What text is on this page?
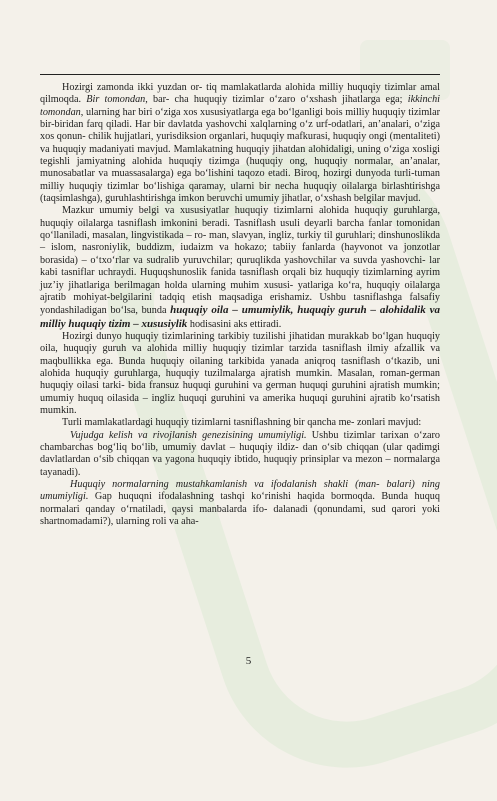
Hozirgi zamonda ikki yuzdan or- tiq mamlakatlarda alohida milliy huquqiy tizimlar amal qilmoqda. Bir tomondan, bar- cha huquqiy tizimlar o‘zaro o‘xshash jihatlarga ega; ikkinchi tomondan, ularning har biri o‘ziga xos xususiyatlarga ega bo‘lganligi bois milliy huquqiy tizimlar bir-biridan farq qiladi. Har bir davlatda yashovchi xalqlarning o‘z urf-odatlari, an’analari, o‘ziga xos qonun- chilik hujjatlari, yurisdiksion organlari, huquqiy mafkurasi, huquqiy ongi (mentaliteti) va huquqiy madaniyati mavjud. Mamlakatning huquqiy jihatdan alohidaligi, uning o‘ziga xosligi tegishli jamiyatning alohida huquqiy tizimga (huquqiy ong, huquqiy normalar, an’analar, munosabatlar va muassasalarga) ega bo‘lishini taqozo etadi. Biroq, hozirgi dunyoda turli-tuman milliy huquqiy tizimlar bo‘lishiga qaramay, ularni bir necha huquqiy oilalarga birlashtirishga (taqsimlashga), guruhlashtirishga imkon beruvchi umumiy jihatlar, o‘xshash belgilar mavjud.

Mazkur umumiy belgi va xususiyatlar huquqiy tizimlarni alohida huquqiy guruhlarga, huquqiy oilalarga tasniflash imkonini beradi. Tasniflash usuli deyarli barcha fanlar tomonidan qo‘llaniladi, masalan, lingvistikada – ro- man, slavyan, ingliz, turkiy til guruhlari; dinshunoslikda – islom, nasroniylik, buddizm, iudaizm va hokazo; tabiiy fanlarda (hayvonot va jonzotlar borasida) – o‘txo‘rlar va sudralib yuruvchilar; quruqlikda yashovchilar va suvda yashovchi- lar kabi tasniflar uchraydi. Huquqshunoslik fanida tasniflash orqali biz huquqiy tizimlarning ayrim juz’iy jihatlariga berilmagan holda ularning muhim xususi- yatlariga ko‘ra, huquqiy oilalarga ajratib mohiyat-belgilarini tadqiq etish maqsadiga erishamiz. Ushbu tasniflashga falsafiy yondashiladigan bo‘lsa, bunda huquqiy oila – umumiylik, huquqiy guruh – alohidalik va milliy huquqiy tizim – xususiylik hodisasini aks ettiradi.

Hozirgi dunyo huquqiy tizimlarining tarkibiy tuzilishi jihatidan murakkab bo‘lgan huquqiy oila, huquqiy guruh va alohida milliy huquqiy tizimlar tarzida tasniflash ilmiy afzallik va maqbullikka ega. Bunda huquqiy oilaning tarkibida yanada aniqroq tasniflash o‘tkazib, uni alohida huquqiy guruhlarga, huquqiy tuzilmalarga ajratish mumkin. Masalan, roman-german huquqiy oilasi tarki- bida fransuz huquqi guruhini va german huquqi guruhini ajratish mumkin; umumiy huquq oilasida – ingliz huquqi guruhini va amerika huquqi guruhini ajratib ko‘rsatish mumkin.

Turli mamlakatlardagi huquqiy tizimlarni tasniflashning bir qancha me- zonlari mavjud:

Vujudga kelish va rivojlanish genezisining umumiyligi. Ushbu tizimlar tarixan o‘zaro chambarchas bog‘liq bo‘lib, umumiy davlat – huquqiy ildiz- dan o‘sib chiqqan (ular qadimgi davlatlardan o‘sib chiqqan va yagona huquqiy ibtido, huquqiy prinsiplar va mezon – normalarga tayanadi).

Huquqiy normalarning mustahkamlanish va ifodalanish shakli (man- balari) ning umumiyligi. Gap huquqni ifodalashning tashqi ko‘rinishi haqida bormoqda. Bunda huquq normalari qanday o‘rnatiladi, qaysi manbalarda ifo- dalanadi (qonundami, sud qarori yoki shartnomadami?), ularning roli va aha-

5
